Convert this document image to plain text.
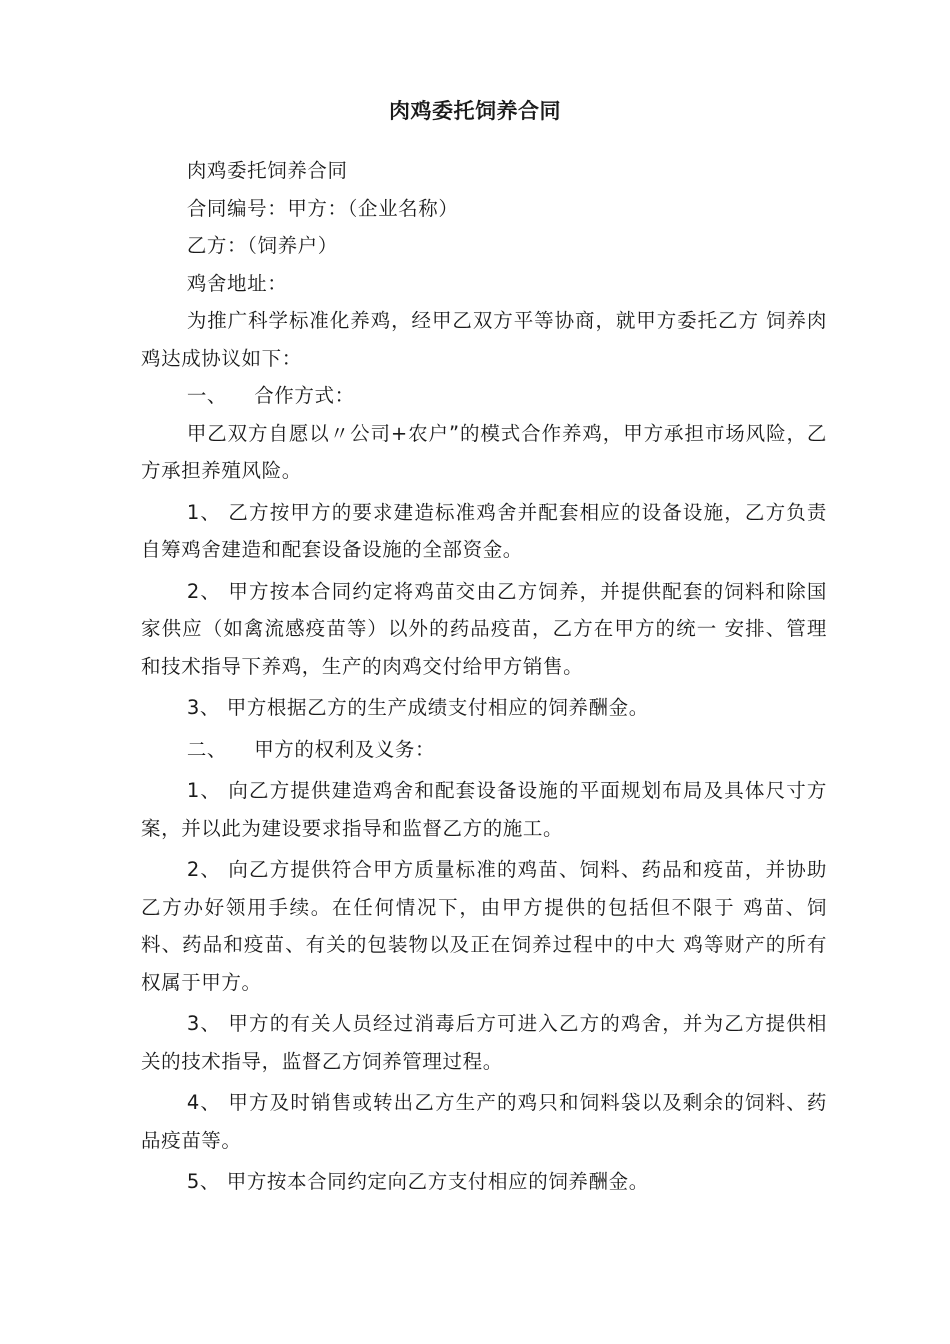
肉鸡委托饲养合同

肉鸡委托饲养合同

合同编号：甲方：（企业名称）

乙方：（饲养户）

鸡舍地址：

为推广科学标准化养鸡，经甲乙双方平等协商，就甲方委托乙方 饲养肉鸡达成协议如下：

一、    合作方式：

甲乙双方自愿以〃公司+农户”的模式合作养鸡，甲方承担市场风险，乙方承担养殖风险。

1、 乙方按甲方的要求建造标准鸡舍并配套相应的设备设施，乙方负责自筹鸡舍建造和配套设备设施的全部资金。

2、 甲方按本合同约定将鸡苗交由乙方饲养，并提供配套的饲料和除国家供应（如禽流感疫苗等）以外的药品疫苗，乙方在甲方的统一 安排、管理和技术指导下养鸡，生产的肉鸡交付给甲方销售。

3、 甲方根据乙方的生产成绩支付相应的饲养酬金。

二、    甲方的权利及义务：

1、 向乙方提供建造鸡舍和配套设备设施的平面规划布局及具体尺寸方案，并以此为建设要求指导和监督乙方的施工。

2、 向乙方提供符合甲方质量标准的鸡苗、饲料、药品和疫苗，并协助乙方办好领用手续。在任何情况下，由甲方提供的包括但不限于 鸡苗、饲料、药品和疫苗、有关的包装物以及正在饲养过程中的中大 鸡等财产的所有权属于甲方。

3、 甲方的有关人员经过消毒后方可进入乙方的鸡舍，并为乙方提供相关的技术指导，监督乙方饲养管理过程。

4、 甲方及时销售或转出乙方生产的鸡只和饲料袋以及剩余的饲料、药品疫苗等。

5、 甲方按本合同约定向乙方支付相应的饲养酬金。
